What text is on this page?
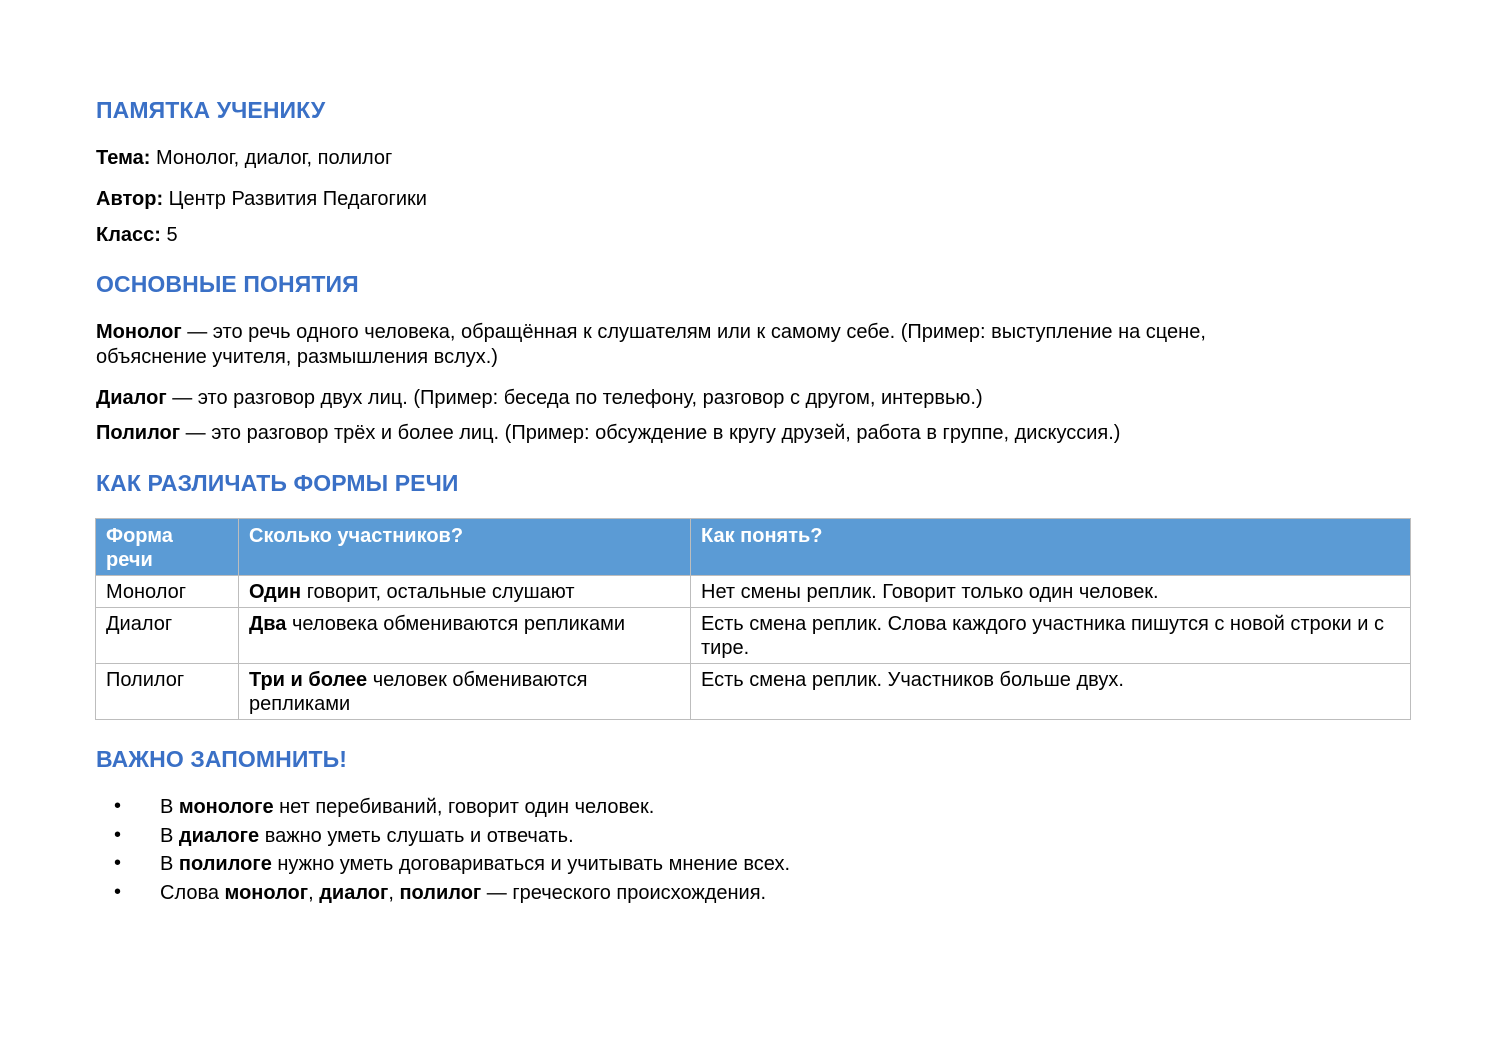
ПАМЯТКА УЧЕНИКУ
Тема: Монолог, диалог, полилог
Автор: Центр Развития Педагогики
Класс: 5
ОСНОВНЫЕ ПОНЯТИЯ
Монолог — это речь одного человека, обращённая к слушателям или к самому себе. (Пример: выступление на сцене,
объяснение учителя, размышления вслух.)
Диалог — это разговор двух лиц. (Пример: беседа по телефону, разговор с другом, интервью.)
Полилог — это разговор трёх и более лиц. (Пример: обсуждение в кругу друзей, работа в группе, дискуссия.)
КАК РАЗЛИЧАТЬ ФОРМЫ РЕЧИ
Форма речи	Сколько участников?	Как понять?
Монолог	Один говорит, остальные слушают	Нет смены реплик. Говорит только один человек.
Диалог	Два человека обмениваются репликами	Есть смена реплик. Слова каждого участника пишутся с новой строки и с тире.
Полилог	Три и более человек обмениваются репликами	Есть смена реплик. Участников больше двух.
ВАЖНО ЗАПОМНИТЬ!
• В монологе нет перебиваний, говорит один человек.
• В диалоге важно уметь слушать и отвечать.
• В полилоге нужно уметь договариваться и учитывать мнение всех.
• Слова монолог, диалог, полилог — греческого происхождения.
